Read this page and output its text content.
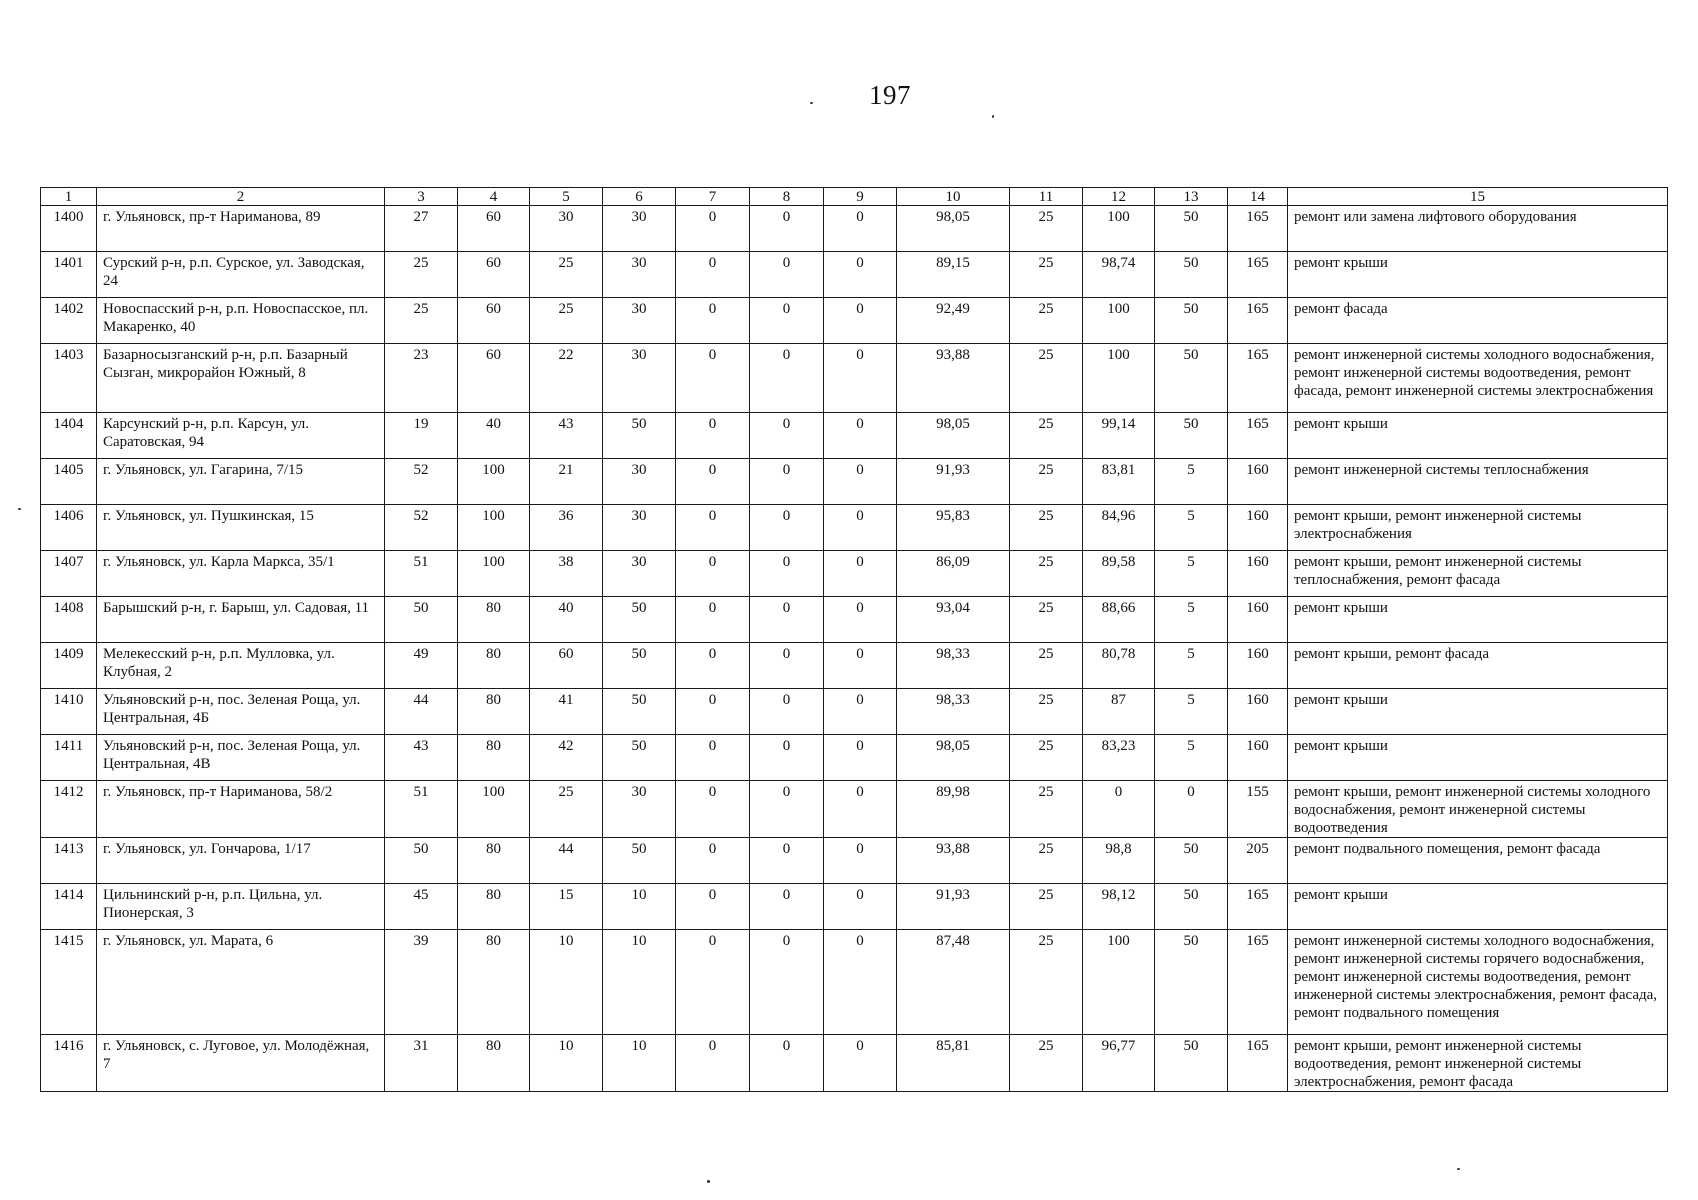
197
1	2	3	4	5	6	7	8	9	10	11	12	13	14	15
1400	г. Ульяновск, пр-т Нариманова, 89	27	60	30	30	0	0	0	98,05	25	100	50	165	ремонт или замена лифтового оборудования
1401	Сурский р-н, р.п. Сурское, ул. Заводская, 24	25	60	25	30	0	0	0	89,15	25	98,74	50	165	ремонт крыши
1402	Новоспасский р-н, р.п. Новоспасское, пл. Макаренко, 40	25	60	25	30	0	0	0	92,49	25	100	50	165	ремонт фасада
1403	Базарносызганский р-н, р.п. Базарный Сызган, микрорайон Южный, 8	23	60	22	30	0	0	0	93,88	25	100	50	165	ремонт инженерной системы холодного водоснабжения, ремонт инженерной системы водоотведения, ремонт фасада, ремонт инженерной системы электроснабжения
1404	Карсунский р-н, р.п. Карсун, ул. Саратовская, 94	19	40	43	50	0	0	0	98,05	25	99,14	50	165	ремонт крыши
1405	г. Ульяновск, ул. Гагарина, 7/15	52	100	21	30	0	0	0	91,93	25	83,81	5	160	ремонт инженерной системы теплоснабжения
1406	г. Ульяновск, ул. Пушкинская, 15	52	100	36	30	0	0	0	95,83	25	84,96	5	160	ремонт крыши, ремонт инженерной системы электроснабжения
1407	г. Ульяновск, ул. Карла Маркса, 35/1	51	100	38	30	0	0	0	86,09	25	89,58	5	160	ремонт крыши, ремонт инженерной системы теплоснабжения, ремонт фасада
1408	Барышский р-н, г. Барыш, ул. Садовая, 11	50	80	40	50	0	0	0	93,04	25	88,66	5	160	ремонт крыши
1409	Мелекесский р-н, р.п. Мулловка, ул. Клубная, 2	49	80	60	50	0	0	0	98,33	25	80,78	5	160	ремонт крыши, ремонт фасада
1410	Ульяновский р-н, пос. Зеленая Роща, ул. Центральная, 4Б	44	80	41	50	0	0	0	98,33	25	87	5	160	ремонт крыши
1411	Ульяновский р-н, пос. Зеленая Роща, ул. Центральная, 4В	43	80	42	50	0	0	0	98,05	25	83,23	5	160	ремонт крыши
1412	г. Ульяновск, пр-т Нариманова, 58/2	51	100	25	30	0	0	0	89,98	25	0	0	155	ремонт крыши, ремонт инженерной системы холодного водоснабжения, ремонт инженерной системы водоотведения
1413	г. Ульяновск, ул. Гончарова, 1/17	50	80	44	50	0	0	0	93,88	25	98,8	50	205	ремонт подвального помещения, ремонт фасада
1414	Цильнинский р-н, р.п. Цильна, ул. Пионерская, 3	45	80	15	10	0	0	0	91,93	25	98,12	50	165	ремонт крыши
1415	г. Ульяновск, ул. Марата, 6	39	80	10	10	0	0	0	87,48	25	100	50	165	ремонт инженерной системы холодного водоснабжения, ремонт инженерной системы горячего водоснабжения, ремонт инженерной системы водоотведения, ремонт инженерной системы электроснабжения, ремонт фасада, ремонт подвального помещения
1416	г. Ульяновск, с. Луговое, ул. Молодёжная, 7	31	80	10	10	0	0	0	85,81	25	96,77	50	165	ремонт крыши, ремонт инженерной системы водоотведения, ремонт инженерной системы электроснабжения, ремонт фасада
